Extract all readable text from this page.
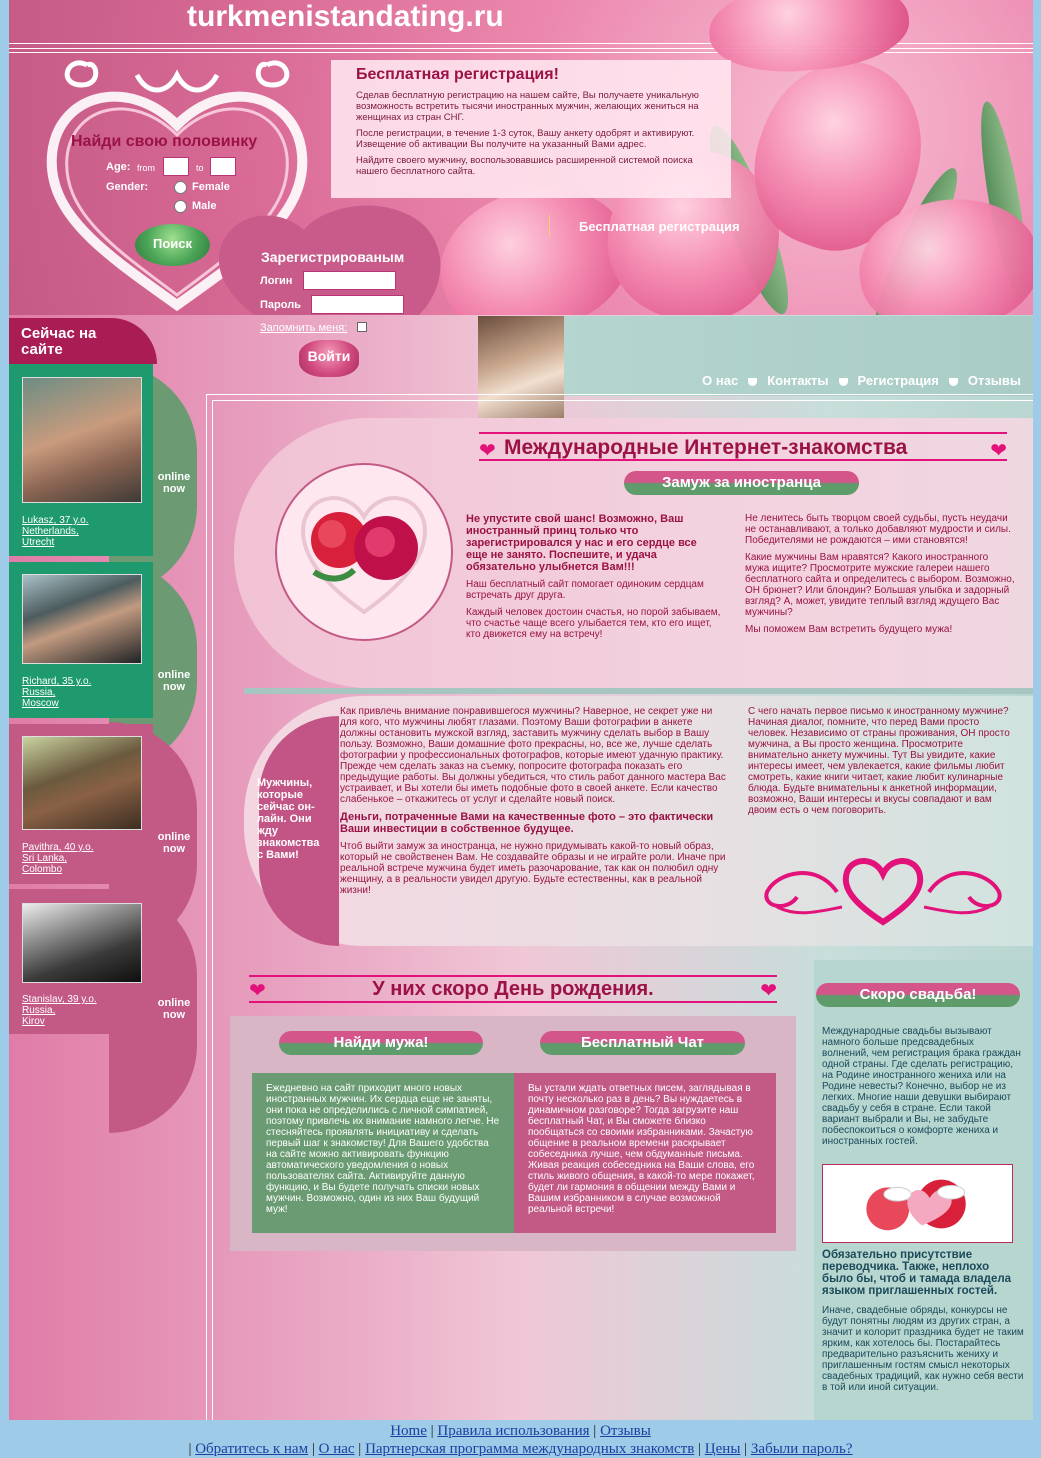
turkmenistandating.ru
Бесплатная регистрация!

Сделав бесплатную регистрацию на нашем сайте, Вы получаете уникальную возможность встретить тысячи иностранных мужчин, желающих жениться на женщинах из стран СНГ.

После регистрации, в течение 1-3 суток, Вашу анкету одобрят и активируют. Извещение об активации Вы получите на указанный Вами адрес.

Найдите своего мужчину, воспользовавшись расширенной системой поиска нашего бесплатного сайта.

Бесплатная регистрация
Найди свою половинку
Age: from	to
Gender:	Female
Male
Поиск
Зарегистрированым
Логин
Пароль
Запомнить меня:
Войти
Сейчас на сайте
Lukasz, 37 y.o.
Netherlands,
Utrecht
online now
Richard, 35 y.o.
Russia,
Moscow
online now
Pavithra, 40 y.o.
Sri Lanka,
Colombo
online now
Stanislav, 39 y.o.
Russia,
Kirov
online now
О нас Контакты Регистрация Отзывы
❤	❤
Международные Интернет-знакомства
Замуж за иностранца

Не упустите свой шанс! Возможно, Ваш иностранный принц только что зарегистрировался у нас и его сердце все еще не занято. Поспешите, и удача обязательно улыбнется Вам!!!

Наш бесплатный сайт помогает одиноким сердцам встречать друг друга.

Каждый человек достоин счастья, но порой забываем, что счастье чаще всего улыбается тем, кто его ищет, кто движется ему на встречу!

Не ленитесь быть творцом своей судьбы, пусть неудачи не останавливают, а только добавляют мудрости и силы. Победителями не рождаются – ими становятся!

Какие мужчины Вам нравятся? Какого иностранного мужа ищите? Просмотрите мужские галереи нашего бесплатного сайта и определитесь с выбором. Возможно, ОН брюнет? Или блондин? Большая улыбка и задорный взгляд? А, может, увидите теплый взгляд ждущего Вас мужчины?

Мы поможем Вам встретить будущего мужа!

Мужчины, которые сейчас он-лайн. Они жду знакомства с Вами!

Как привлечь внимание понравившегося мужчины? Наверное, не секрет уже ни для кого, что мужчины любят глазами. Поэтому Ваши фотографии в анкете должны остановить мужской взгляд, заставить мужчину сделать выбор в Вашу пользу. Возможно, Ваши домашние фото прекрасны, но, все же, лучше сделать фотографии у профессиональных фотографов, которые имеют удачную практику. Прежде чем сделать заказ на съемку, попросите фотографа показать его предыдущие работы. Вы должны убедиться, что стиль работ данного мастера Вас устраивает, и Вы хотели бы иметь подобные фото в своей анкете. Если качество слабенькое – откажитесь от услуг и сделайте новый поиск.

Деньги, потраченные Вами на качественные фото – это фактически Ваши инвестиции в собственное будущее.

Чтоб выйти замуж за иностранца, не нужно придумывать какой-то новый образ, который не свойственен Вам. Не создавайте образы и не играйте роли. Иначе при реальной встрече мужчина будет иметь разочарование, так как он полюбил одну женщину, а в реальности увидел другую. Будьте естественны, как в реальной жизни!

С чего начать первое письмо к иностранному мужчине? Начиная диалог, помните, что перед Вами просто человек. Независимо от страны проживания, ОН просто мужчина, а Вы просто женщина. Просмотрите внимательно анкету мужчины. Тут Вы увидите, какие интересы имеет, чем увлекается, какие фильмы любит смотреть, какие книги читает, какие любит кулинарные блюда. Будьте внимательны к анкетной информации, возможно, Ваши интересы и вкусы совпадают и вам двоим есть о чем поговорить.

❤	❤
У них скоро День рождения.
Найди мужа!	Бесплатный Чат
Ежедневно на сайт приходит много новых иностранных мужчин. Их сердца еще не заняты, они пока не определились с личной симпатией, поэтому привлечь их внимание намного легче. Не стесняйтесь проявлять инициативу и сделать первый шаг к знакомству! Для Вашего удобства на сайте можно активировать функцию автоматического уведомления о новых пользователях сайта. Активируйте данную функцию, и Вы будете получать списки новых мужчин. Возможно, один из них Ваш будущий муж!
Вы устали ждать ответных писем, заглядывая в почту несколько раз в день? Вы нуждаетесь в динамичном разговоре? Тогда загрузите наш бесплатный Чат, и Вы сможете близко пообщаться со своими избранниками. Зачастую общение в реальном времени раскрывает собеседника лучше, чем обдуманные письма. Живая реакция собеседника на Ваши слова, его стиль живого общения, в какой-то мере покажет, будет ли гармония в общении между Вами и Вашим избранником в случае возможной реальной встречи!
Скоро свадьба!
Международные свадьбы вызывают намного больше предсвадебных волнений, чем регистрация брака граждан одной страны. Где сделать регистрацию, на Родине иностранного жениха или на Родине невесты? Конечно, выбор не из легких. Многие наши девушки выбирают свадьбу у себя в стране. Если такой вариант выбрали и Вы, не забудьте побеспокоиться о комфорте жениха и иностранных гостей.
Обязательно присутствие переводчика. Также, неплохо было бы, чтоб и тамада владела языком приглашенных гостей.
Иначе, свадебные обряды, конкурсы не будут понятны людям из других стран, а значит и колорит праздника будет не таким ярким, как хотелось бы. Постарайтесь предварительно разъяснить жениху и приглашенным гостям смысл некоторых свадебных традиций, как нужно себя вести в той или иной ситуации.
Home | Правила использования | Отзывы
| Обратитесь к нам | О нас | Партнерская программа международных знакомств | Цены | Забыли пароль?
